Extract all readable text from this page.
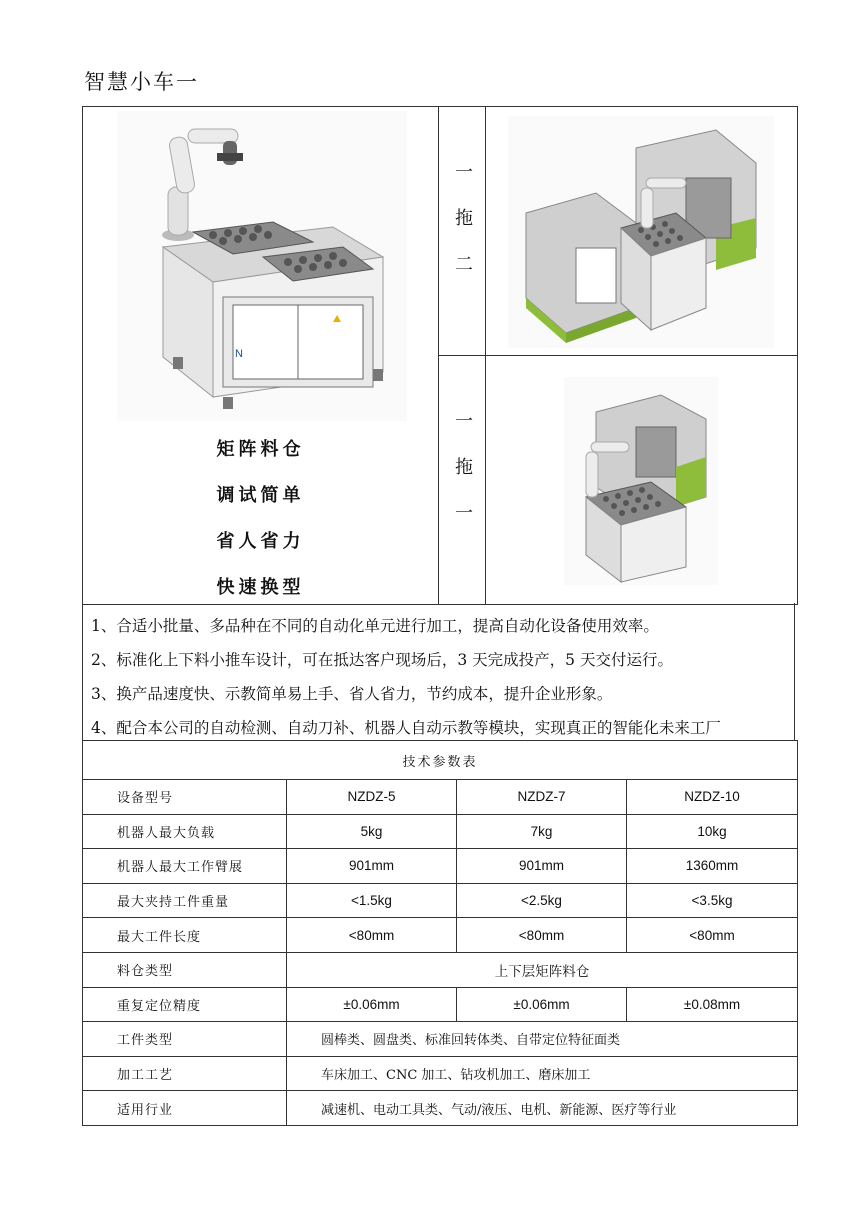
智慧小车一
N
矩阵料仓
调试简单
省人省力
快速换型	一拖二

	一拖一

1、合适小批量、多品种在不同的自动化单元进行加工，提高自动化设备使用效率。

2、标准化上下料小推车设计，可在抵达客户现场后，3 天完成投产，5 天交付运行。

3、换产品速度快、示教简单易上手、省人省力，节约成本，提升企业形象。

4、配合本公司的自动检测、自动刀补、机器人自动示教等模块，实现真正的智能化未来工厂

技术参数表			
设备型号	NZDZ-5	NZDZ-7	NZDZ-10
机器人最大负载	5kg	7kg	10kg
机器人最大工作臂展	901mm	901mm	1360mm
最大夹持工件重量	<1.5kg	<2.5kg	<3.5kg
最大工件长度	<80mm	<80mm	<80mm
料仓类型	上下层矩阵料仓		
重复定位精度	±0.06mm	±0.06mm	±0.08mm
工件类型	圆棒类、圆盘类、标准回转体类、自带定位特征面类		
加工工艺	车床加工、CNC 加工、钻攻机加工、磨床加工		
适用行业	减速机、电动工具类、气动/液压、电机、新能源、医疗等行业		
